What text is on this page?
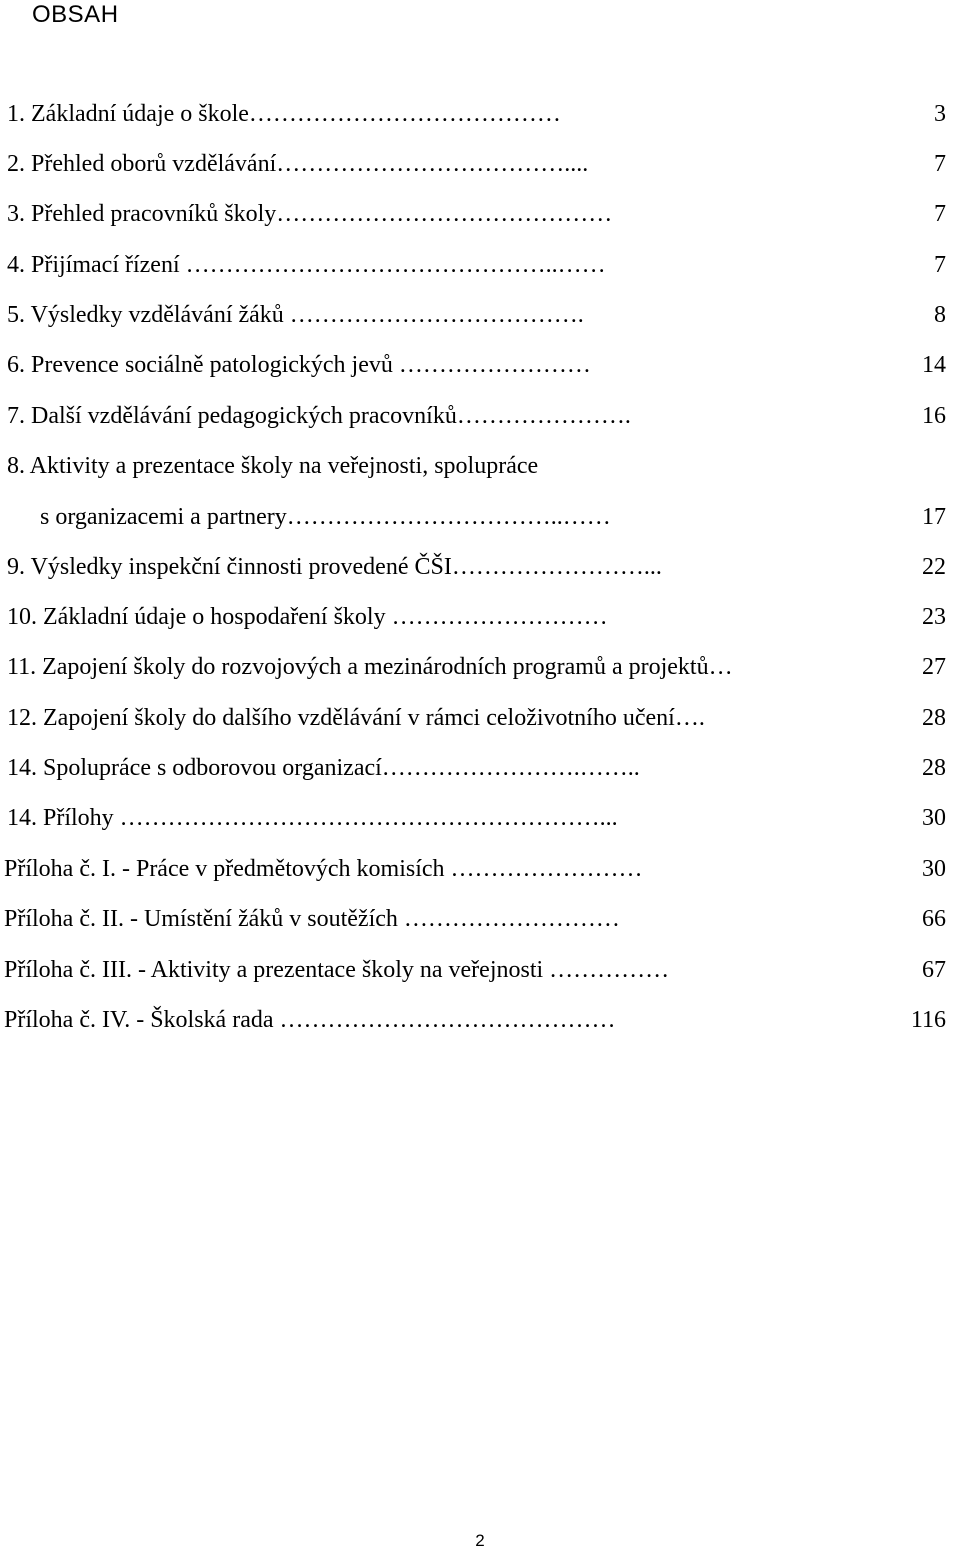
OBSAH
1. Základní údaje o škole…………………………………	3
2. Přehled oborů vzdělávání………………………………....	7
3. Přehled pracovníků školy……………………………………	7
4. Přijímací řízení ………………………………………..……	7
5. Výsledky vzdělávání žáků ……………………………….	8
6. Prevence sociálně patologických jevů ……………………	14
7. Další vzdělávání pedagogických pracovníků………………….	16
8. Aktivity a prezentace školy na veřejnosti, spolupráce
s organizacemi a partnery……………………………..……	17
9. Výsledky inspekční činnosti provedené ČŠI……………………...	22
10. Základní údaje o hospodaření školy ………………………	23
11. Zapojení školy do rozvojových a mezinárodních programů a projektů…	27
12. Zapojení školy do dalšího vzdělávání v rámci celoživotního učení….	28
14. Spolupráce s odborovou organizací…………………….……..	28
14. Přílohy ……………………………………………………...	30
Příloha č. I. - Práce v předmětových komisích ……………………	30
Příloha č. II. - Umístění žáků v soutěžích ………………………	66
Příloha č. III. - Aktivity a prezentace školy na veřejnosti ……………	67
Příloha č. IV. - Školská rada ……………………………………	116
2
